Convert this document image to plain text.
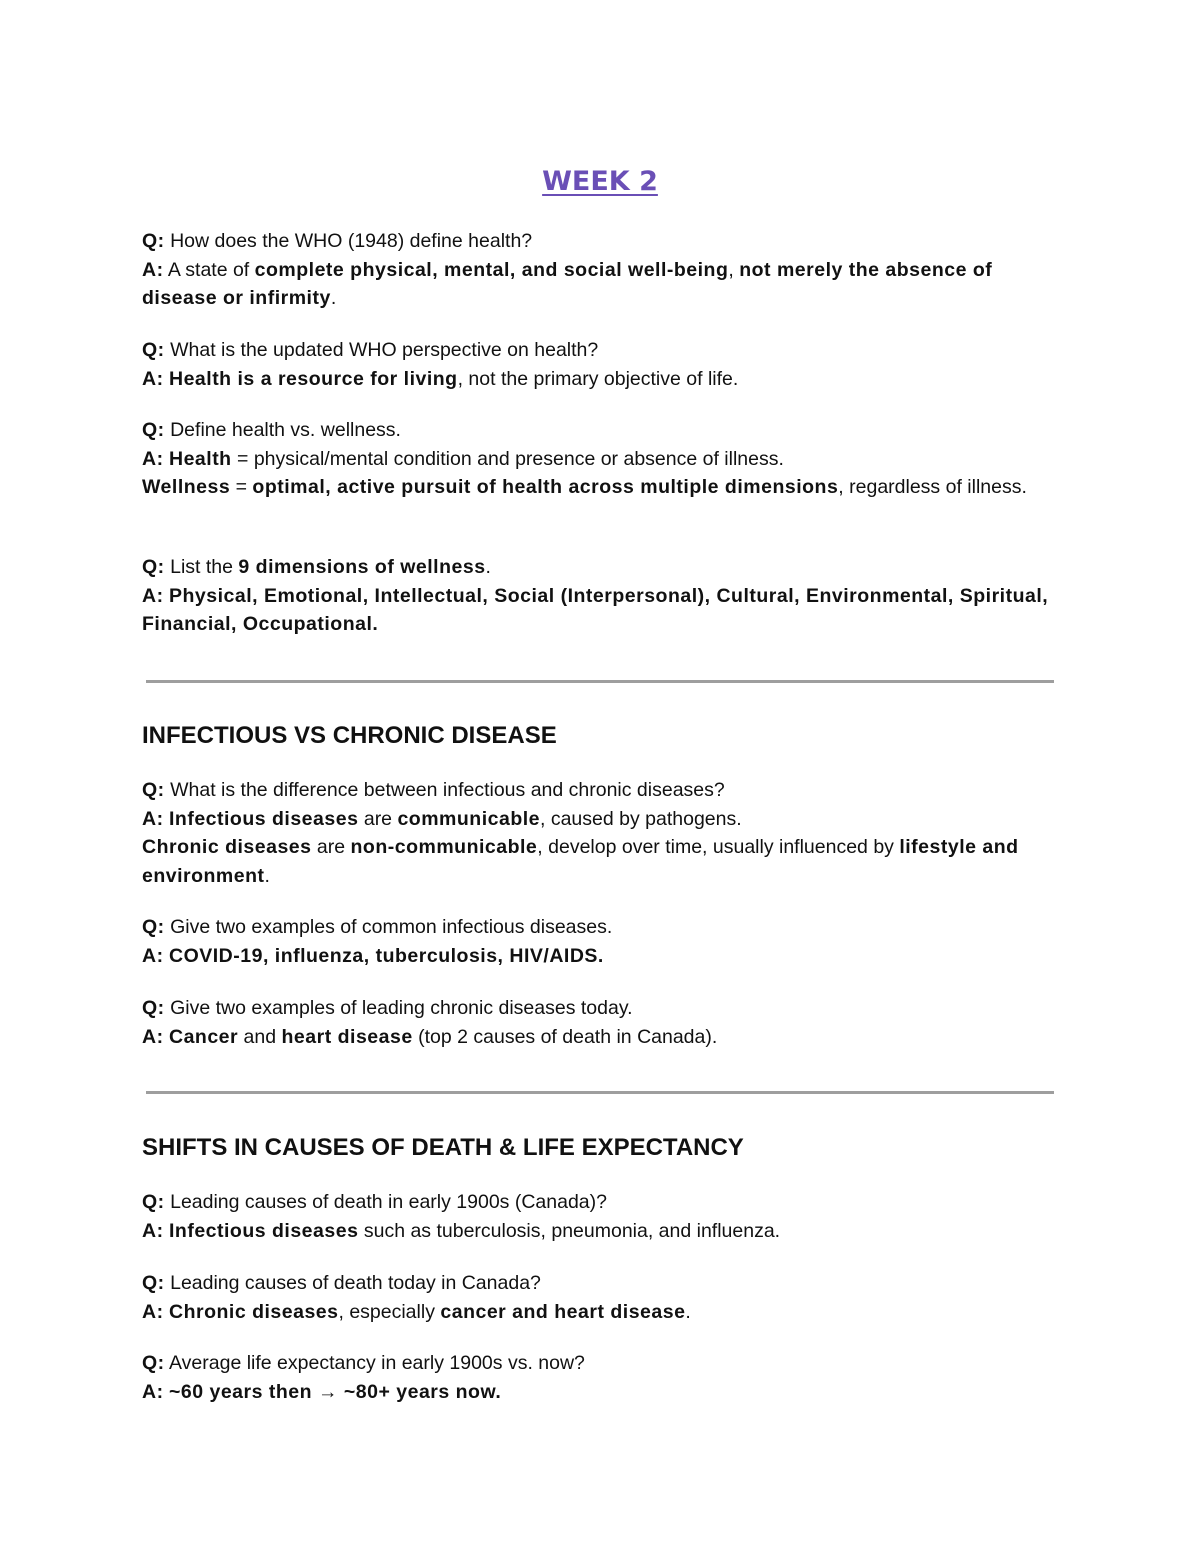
WEEK 2

Q: How does the WHO (1948) define health?

A: A state of complete physical, mental, and social well-being, not merely the absence of disease or infirmity.

Q: What is the updated WHO perspective on health?

A: Health is a resource for living, not the primary objective of life.

Q: Define health vs. wellness.

A: Health = physical/mental condition and presence or absence of illness.

Wellness = optimal, active pursuit of health across multiple dimensions, regardless of illness.

Q: List the 9 dimensions of wellness.

A: Physical, Emotional, Intellectual, Social (Interpersonal), Cultural, Environmental, Spiritual, Financial, Occupational.

INFECTIOUS VS CHRONIC DISEASE

Q: What is the difference between infectious and chronic diseases?

A: Infectious diseases are communicable, caused by pathogens.

Chronic diseases are non-communicable, develop over time, usually influenced by lifestyle and environment.

Q: Give two examples of common infectious diseases.

A: COVID-19, influenza, tuberculosis, HIV/AIDS.

Q: Give two examples of leading chronic diseases today.

A: Cancer and heart disease (top 2 causes of death in Canada).

SHIFTS IN CAUSES OF DEATH & LIFE EXPECTANCY

Q: Leading causes of death in early 1900s (Canada)?

A: Infectious diseases such as tuberculosis, pneumonia, and influenza.

Q: Leading causes of death today in Canada?

A: Chronic diseases, especially cancer and heart disease.

Q: Average life expectancy in early 1900s vs. now?

A: ~60 years then → ~80+ years now.
